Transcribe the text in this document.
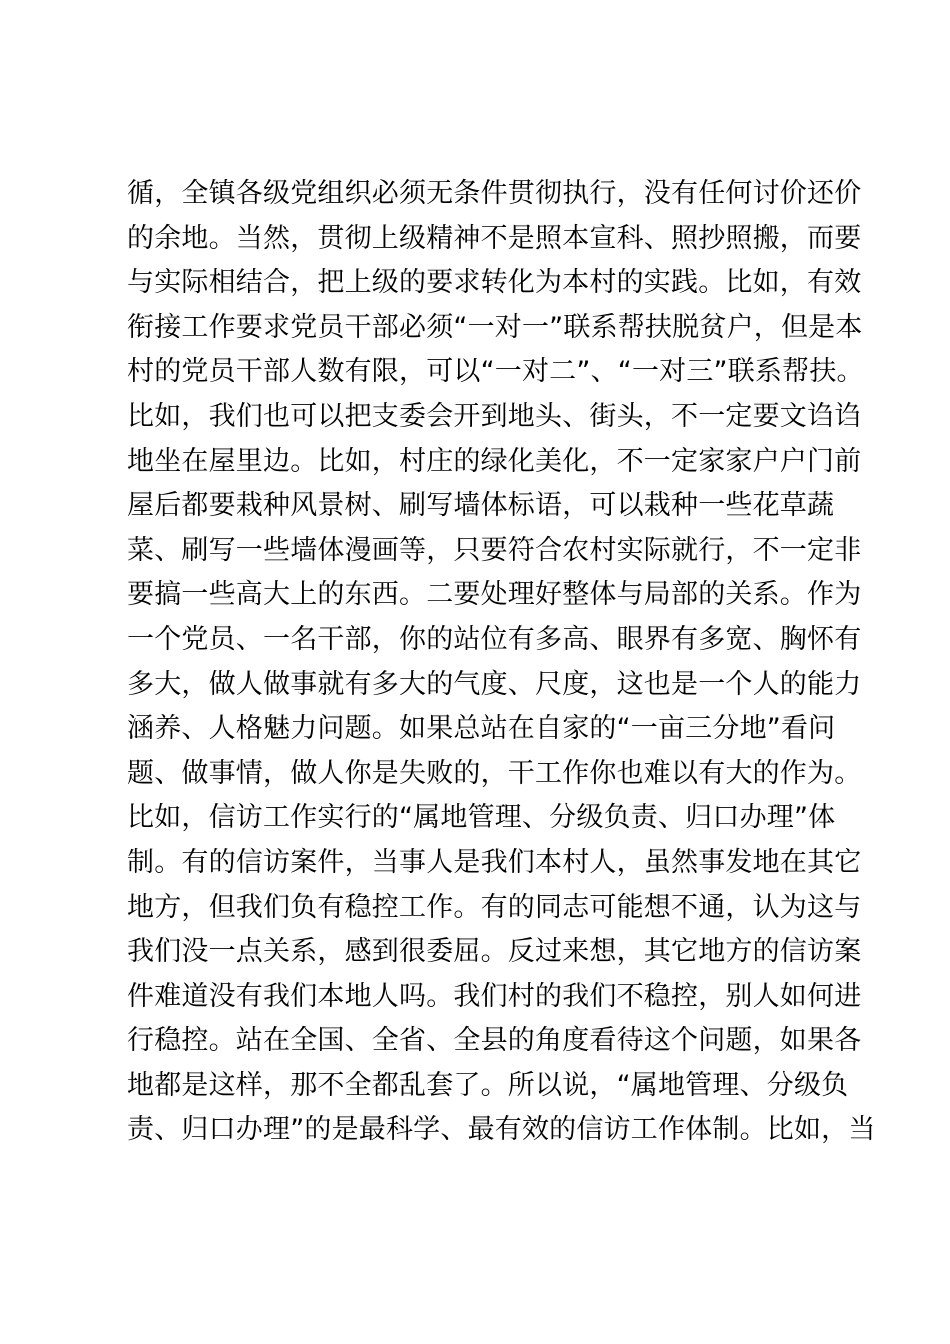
循，全镇各级党组织必须无条件贯彻执行，没有任何讨价还价
的余地。当然，贯彻上级精神不是照本宣科、照抄照搬，而要
与实际相结合，把上级的要求转化为本村的实践。比如，有效
衔接工作要求党员干部必须“一对一”联系帮扶脱贫户，但是本
村的党员干部人数有限，可以“一对二”、“一对三”联系帮扶。
比如，我们也可以把支委会开到地头、街头，不一定要文诌诌
地坐在屋里边。比如，村庄的绿化美化，不一定家家户户门前
屋后都要栽种风景树、刷写墙体标语，可以栽种一些花草蔬
菜、刷写一些墙体漫画等，只要符合农村实际就行，不一定非
要搞一些高大上的东西。二要处理好整体与局部的关系。作为
一个党员、一名干部，你的站位有多高、眼界有多宽、胸怀有
多大，做人做事就有多大的气度、尺度，这也是一个人的能力
涵养、人格魅力问题。如果总站在自家的“一亩三分地”看问
题、做事情，做人你是失败的，干工作你也难以有大的作为。
比如，信访工作实行的“属地管理、分级负责、归口办理”体
制。有的信访案件，当事人是我们本村人，虽然事发地在其它
地方，但我们负有稳控工作。有的同志可能想不通，认为这与
我们没一点关系，感到很委屈。反过来想，其它地方的信访案
件难道没有我们本地人吗。我们村的我们不稳控，别人如何进
行稳控。站在全国、全省、全县的角度看待这个问题，如果各
地都是这样，那不全都乱套了。所以说，“属地管理、分级负
责、归口办理”的是最科学、最有效的信访工作体制。比如，当
